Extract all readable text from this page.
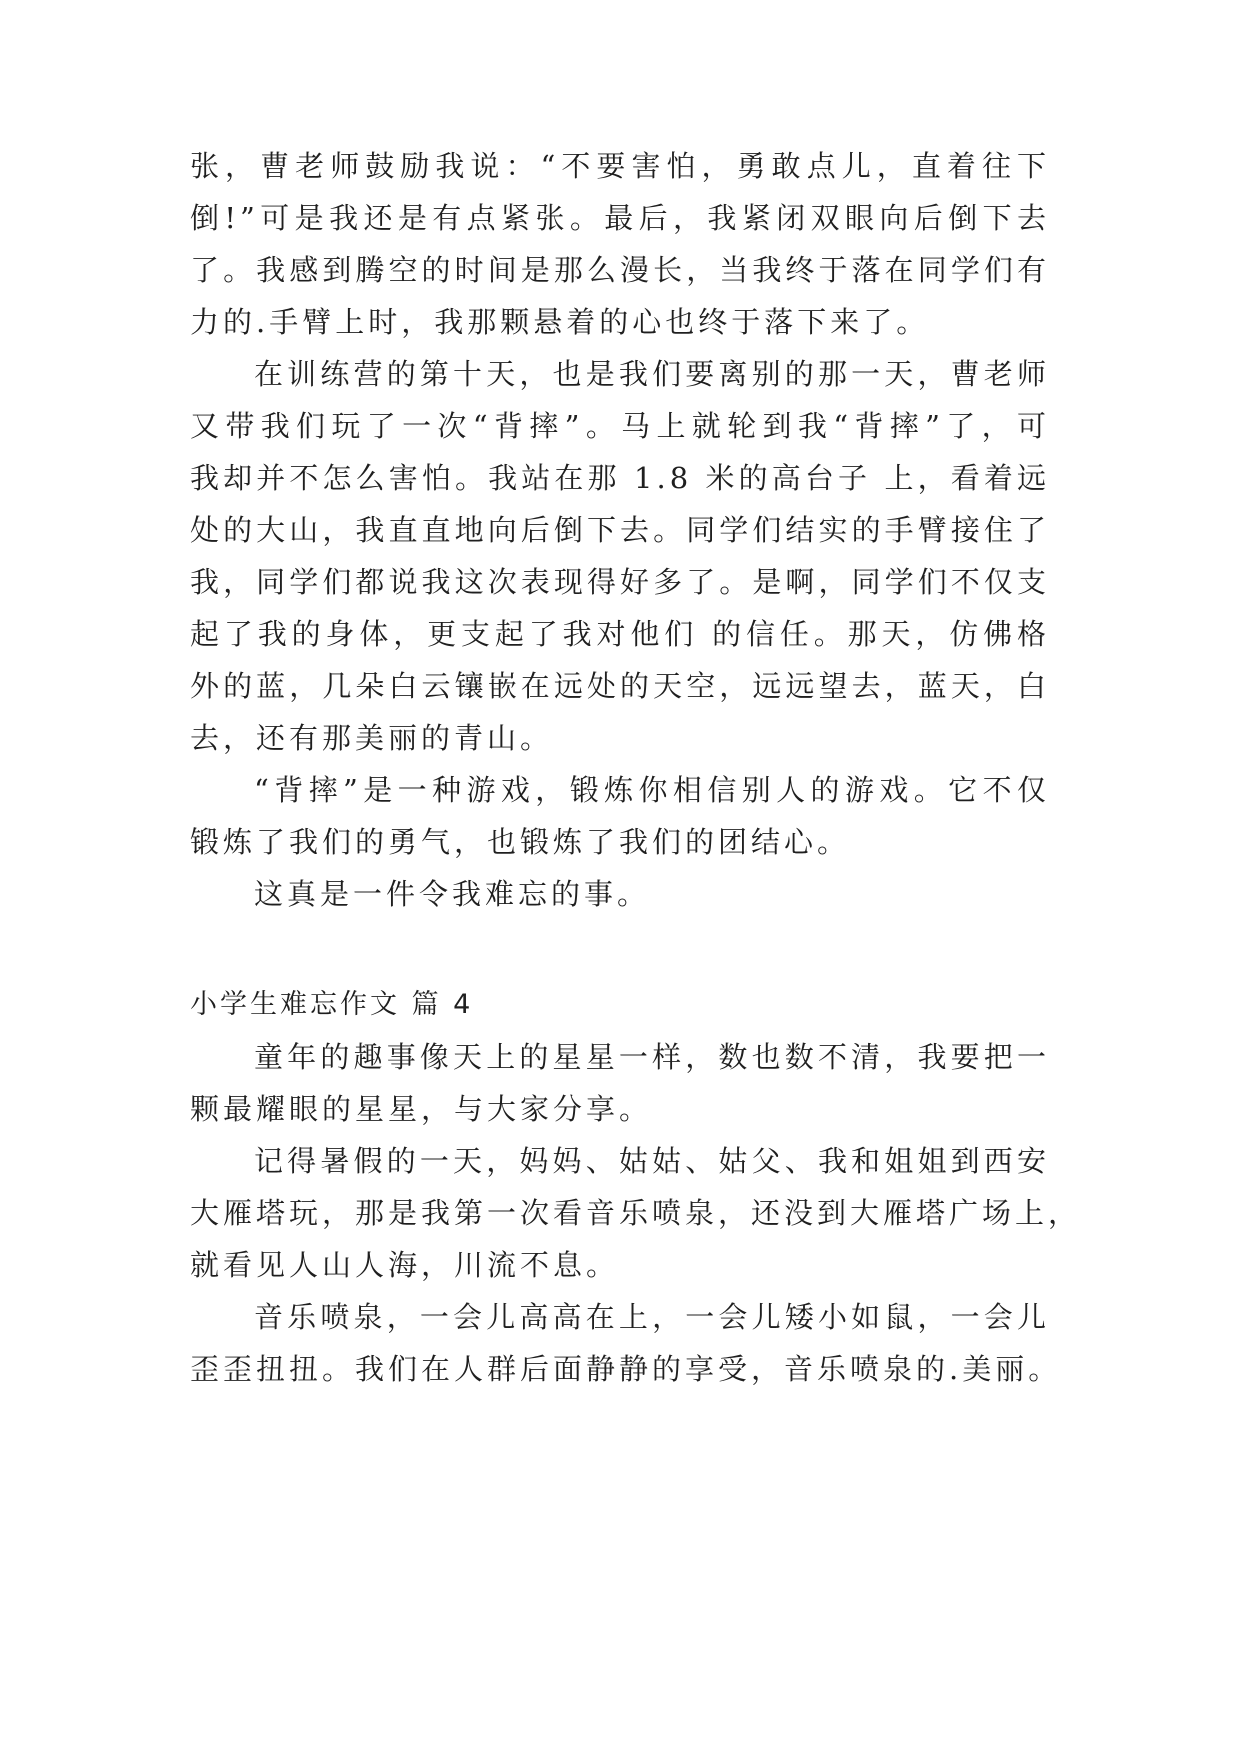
张，曹老师鼓励我说：“不要害怕，勇敢点儿，直着往下
倒!”可是我还是有点紧张。最后，我紧闭双眼向后倒下去
了。我感到腾空的时间是那么漫长，当我终于落在同学们有
力的.手臂上时，我那颗悬着的心也终于落下来了。
在训练营的第十天，也是我们要离别的那一天，曹老师
又带我们玩了一次“背摔”。马上就轮到我“背摔”了，可
我却并不怎么害怕。我站在那 1.8 米的高台子 上，看着远
处的大山，我直直地向后倒下去。同学们结实的手臂接住了
我，同学们都说我这次表现得好多了。是啊，同学们不仅支
起了我的身体，更支起了我对他们 的信任。那天，仿佛格
外的蓝，几朵白云镶嵌在远处的天空，远远望去，蓝天，白
去，还有那美丽的青山。
“背摔”是一种游戏，锻炼你相信别人的游戏。它不仅
锻炼了我们的勇气，也锻炼了我们的团结心。
这真是一件令我难忘的事。
小学生难忘作文 篇 4
童年的趣事像天上的星星一样，数也数不清，我要把一
颗最耀眼的星星，与大家分享。
记得暑假的一天，妈妈、姑姑、姑父、我和姐姐到西安
大雁塔玩，那是我第一次看音乐喷泉，还没到大雁塔广场上，
就看见人山人海，川流不息。
音乐喷泉，一会儿高高在上，一会儿矮小如鼠，一会儿
歪歪扭扭。我们在人群后面静静的享受，音乐喷泉的.美丽。
